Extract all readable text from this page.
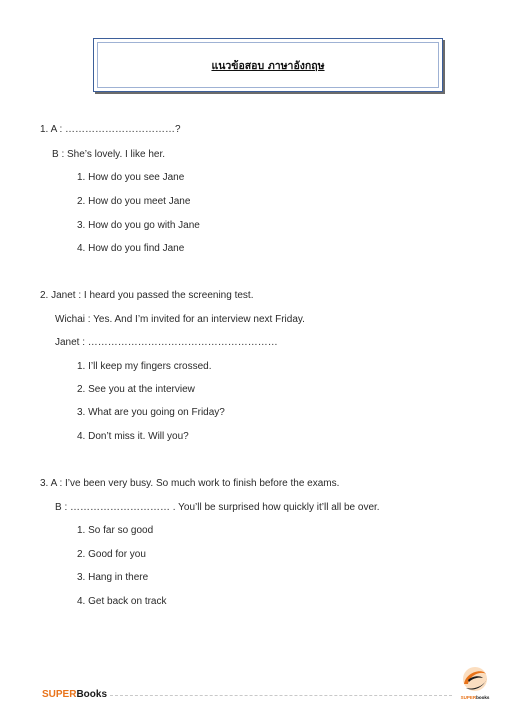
แนวข้อสอบ ภาษาอังกฤษ
1. A : ……………………………?
B : She’s lovely. I like her.
1. How do you see Jane
2. How do you meet Jane
3. How do you go with Jane
4. How do you find Jane
2. Janet : I heard you passed the screening test.
Wichai : Yes. And I’m invited for an interview next Friday.
Janet : …………………………………………………
1. I’ll keep my fingers crossed.
2. See you at the interview
3. What are you going on Friday?
4. Don’t miss it. Will you?
3. A : I’ve been very busy. So much work to finish before the exams.
B : ………………………… . You’ll be surprised how quickly it’ll all be over.
1. So far so good
2. Good for you
3. Hang in there
4. Get back on track
SUPERBooks	SUPERbooks
